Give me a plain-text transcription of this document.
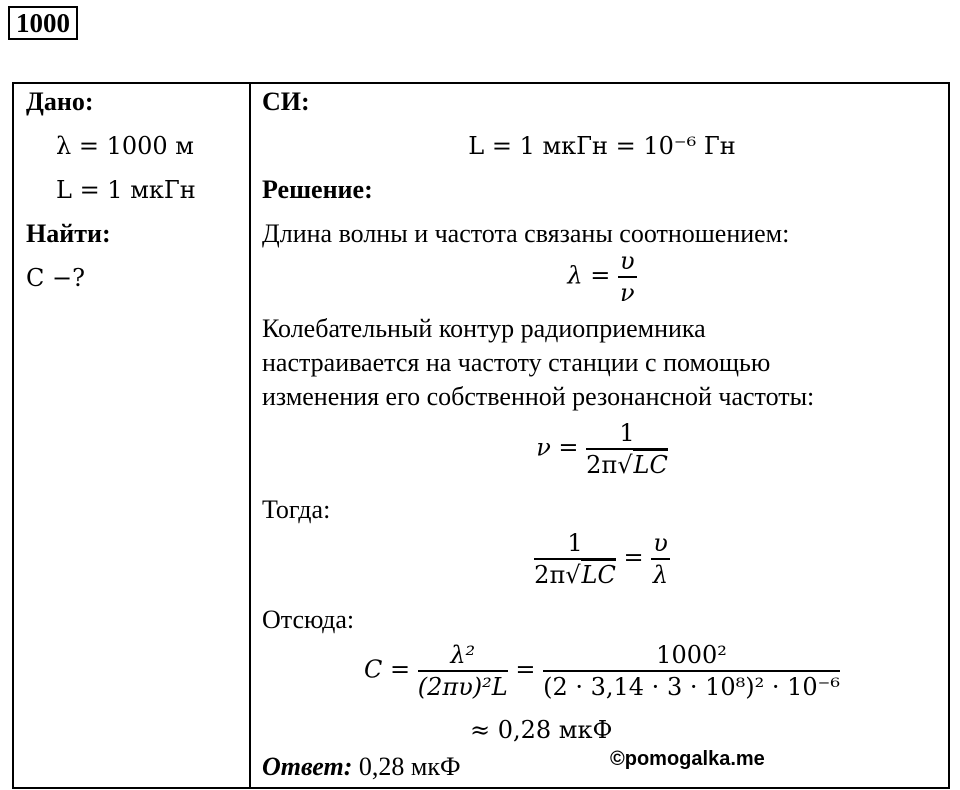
1000
Дано:
λ = 1000 м
L = 1 мкГн
Найти:
C −?
СИ:
L = 1 мкГн = 10⁻⁶ Гн
Решение:
Длина волны и частота связаны соотношением:
$\lambda = \frac{\upsilon}{\nu}$
Колебательный контур радиоприемника
настраивается на частоту станции с помощью
изменения его собственной резонансной частоты:
$\nu = \frac{1}{2\pi√LC}$
Тогда:
$\frac{1}{2\pi√LC} = \frac{\upsilon}{\lambda}$
Отсюда:
$C = \frac{\text{λ²}}{\text{(2πυ)²L}} = \frac{\text{1000²}}{\text{(2 · 3,14 · 3 · 10⁸)² · 10⁻⁶}}$
≈ 0,28 мкФ
Ответ: 0,28 мкФ	©pomogalka.me
